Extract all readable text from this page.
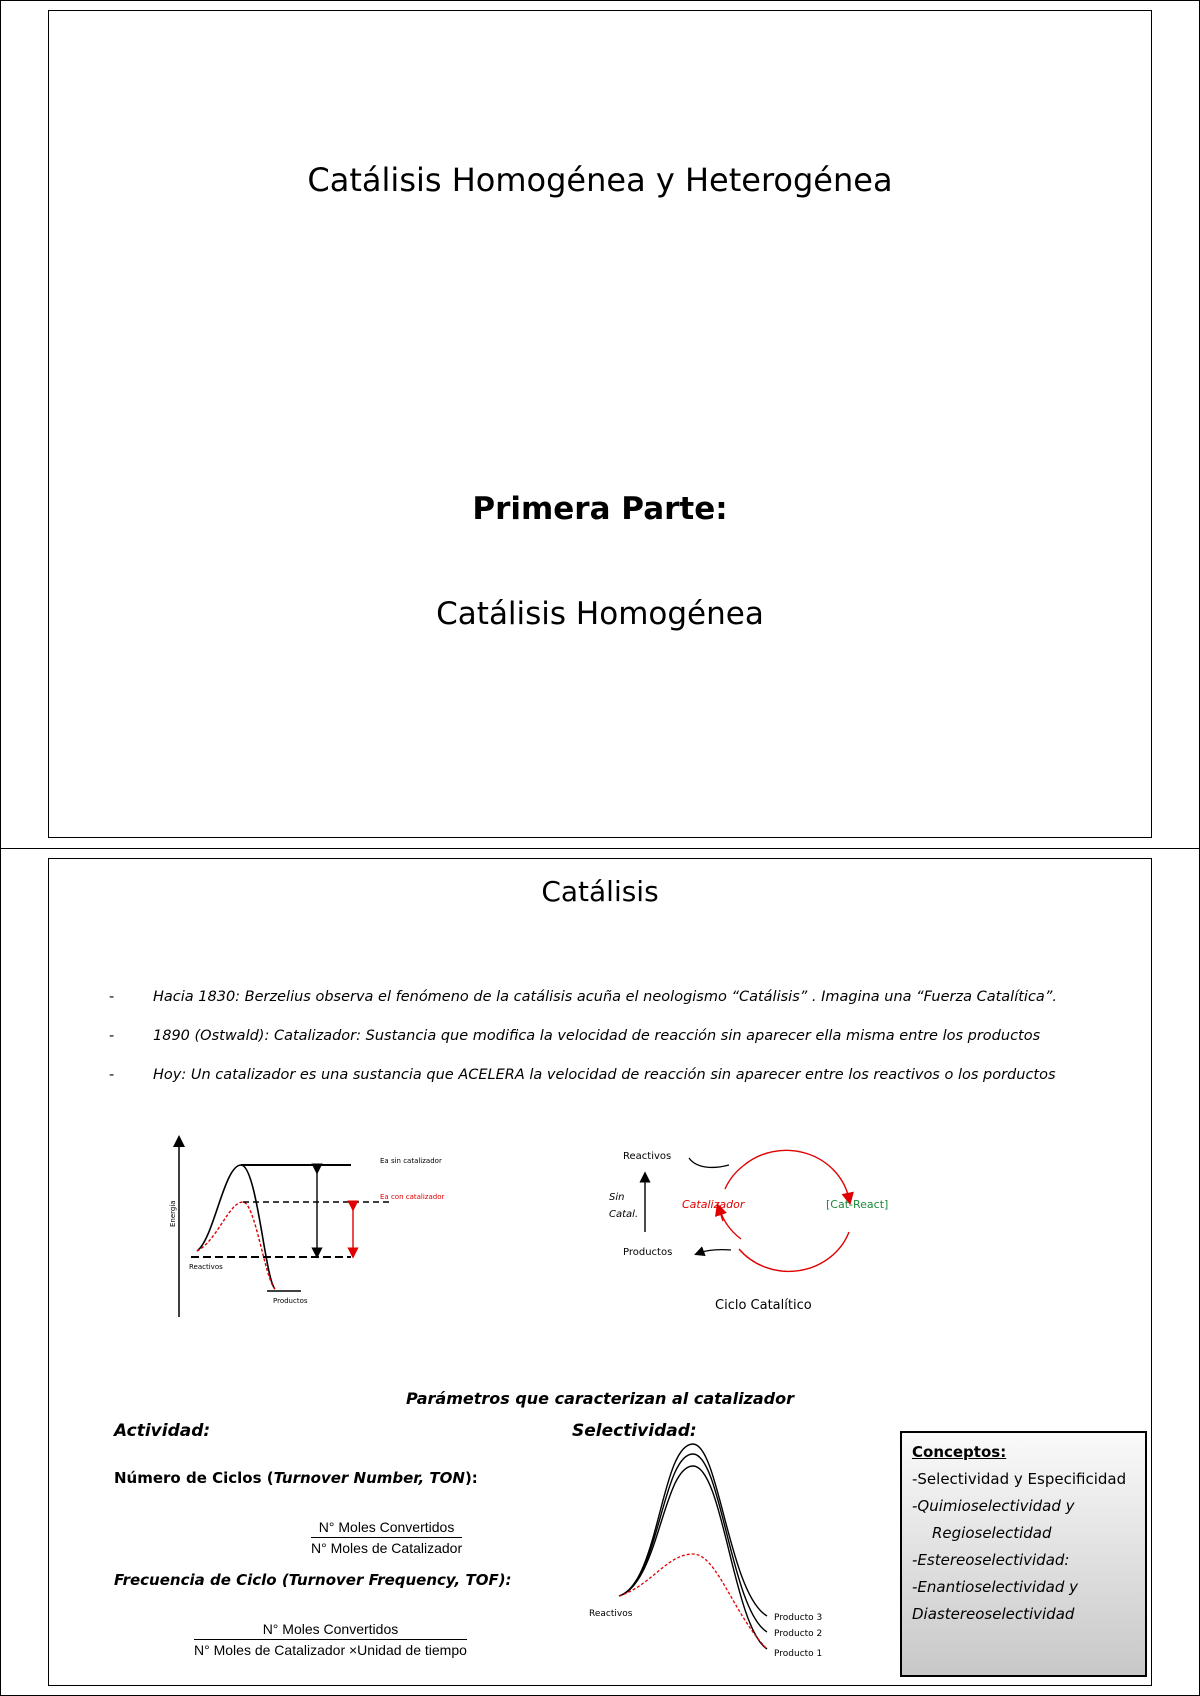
Catálisis Homogénea y Heterogénea
Primera Parte:
Catálisis Homogénea
Catálisis
-	Hacia 1830: Berzelius observa el fenómeno de la catálisis acuña el neologismo “Catálisis” . Imagina una “Fuerza Catalítica”.
-	1890 (Ostwald): Catalizador: Sustancia que modifica la velocidad de reacción sin aparecer ella misma entre los productos
-	Hoy: Un catalizador es una sustancia que ACELERA la velocidad de reacción sin aparecer entre los reactivos o los porductos
Energía
Reactivos
Productos
Ea sin catalizador
Ea con catalizador
Reactivos
Productos
Sin
Catal.
Catalizador	[Cat-React]
Ciclo Catalítico
Parámetros que caracterizan al catalizador
Actividad:	Selectividad:
Número de Ciclos (Turnover Number, TON):
N° Moles Convertidos
N° Moles de Catalizador
Frecuencia de Ciclo (Turnover Frequency, TOF):
N° Moles Convertidos
N° Moles de Catalizador ×Unidad de tiempo
Reactivos	Producto 3
Producto 2
Producto 1
Conceptos:
-Selectividad y Especificidad
-Quimioselectividad y
Regioselectidad
-Estereoselectividad:
-Enantioselectividad y
Diastereoselectividad
